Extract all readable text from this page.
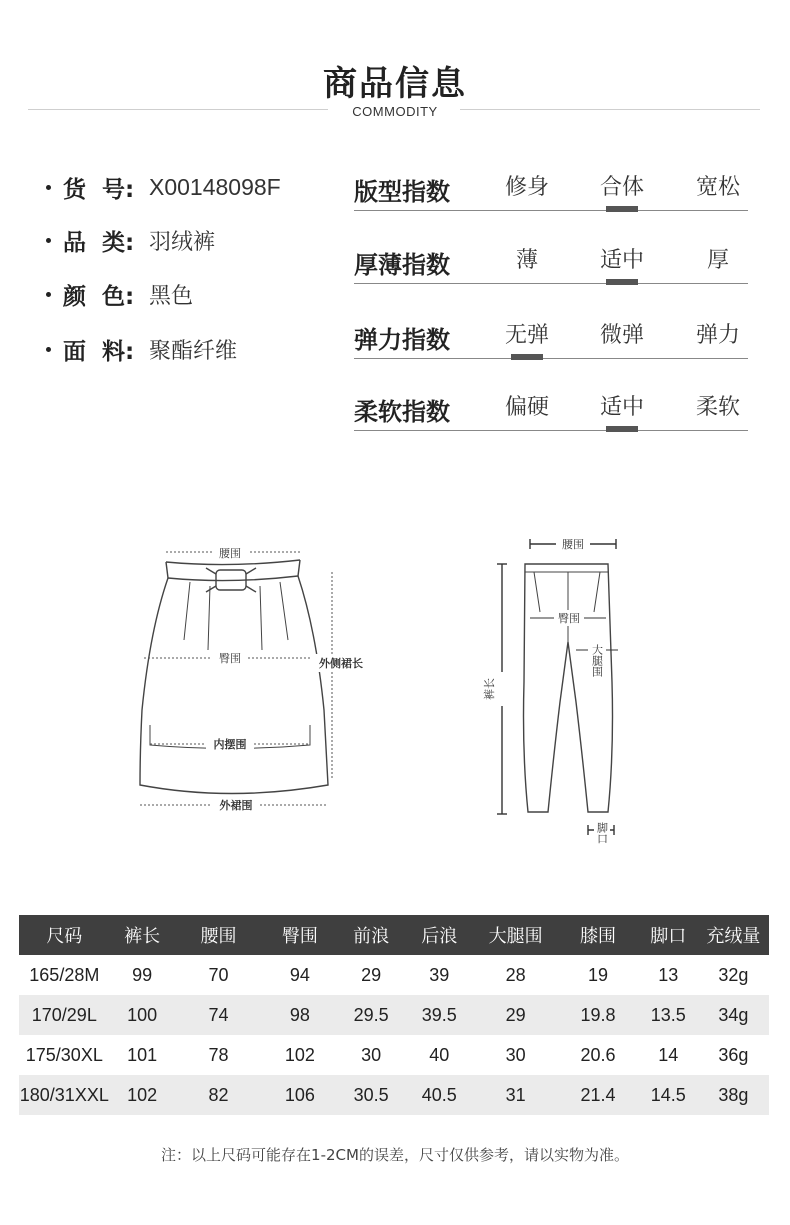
商品信息
COMMODITY
货  号: X00148098F
品  类: 羽绒裤
颜  色: 黑色
面  料: 聚酯纤维
版型指数	修身	合体	宽松
厚薄指数	薄	适中	厚
弹力指数	无弹	微弹	弹力
柔软指数	偏硬	适中	柔软
腰围
臀围	外侧裙长
内摆围
外裙围
腰围
臀围
大腿围
裤长
脚口
尺码	裤长	腰围	臀围	前浪	后浪	大腿围	膝围	脚口	充绒量
165/28M	99	70	94	29	39	28	19	13	32g
170/29L	100	74	98	29.5	39.5	29	19.8	13.5	34g
175/30XL	101	78	102	30	40	30	20.6	14	36g
180/31XXL	102	82	106	30.5	40.5	31	21.4	14.5	38g
注：以上尺码可能存在1-2CM的误差，尺寸仅供参考，请以实物为准。
